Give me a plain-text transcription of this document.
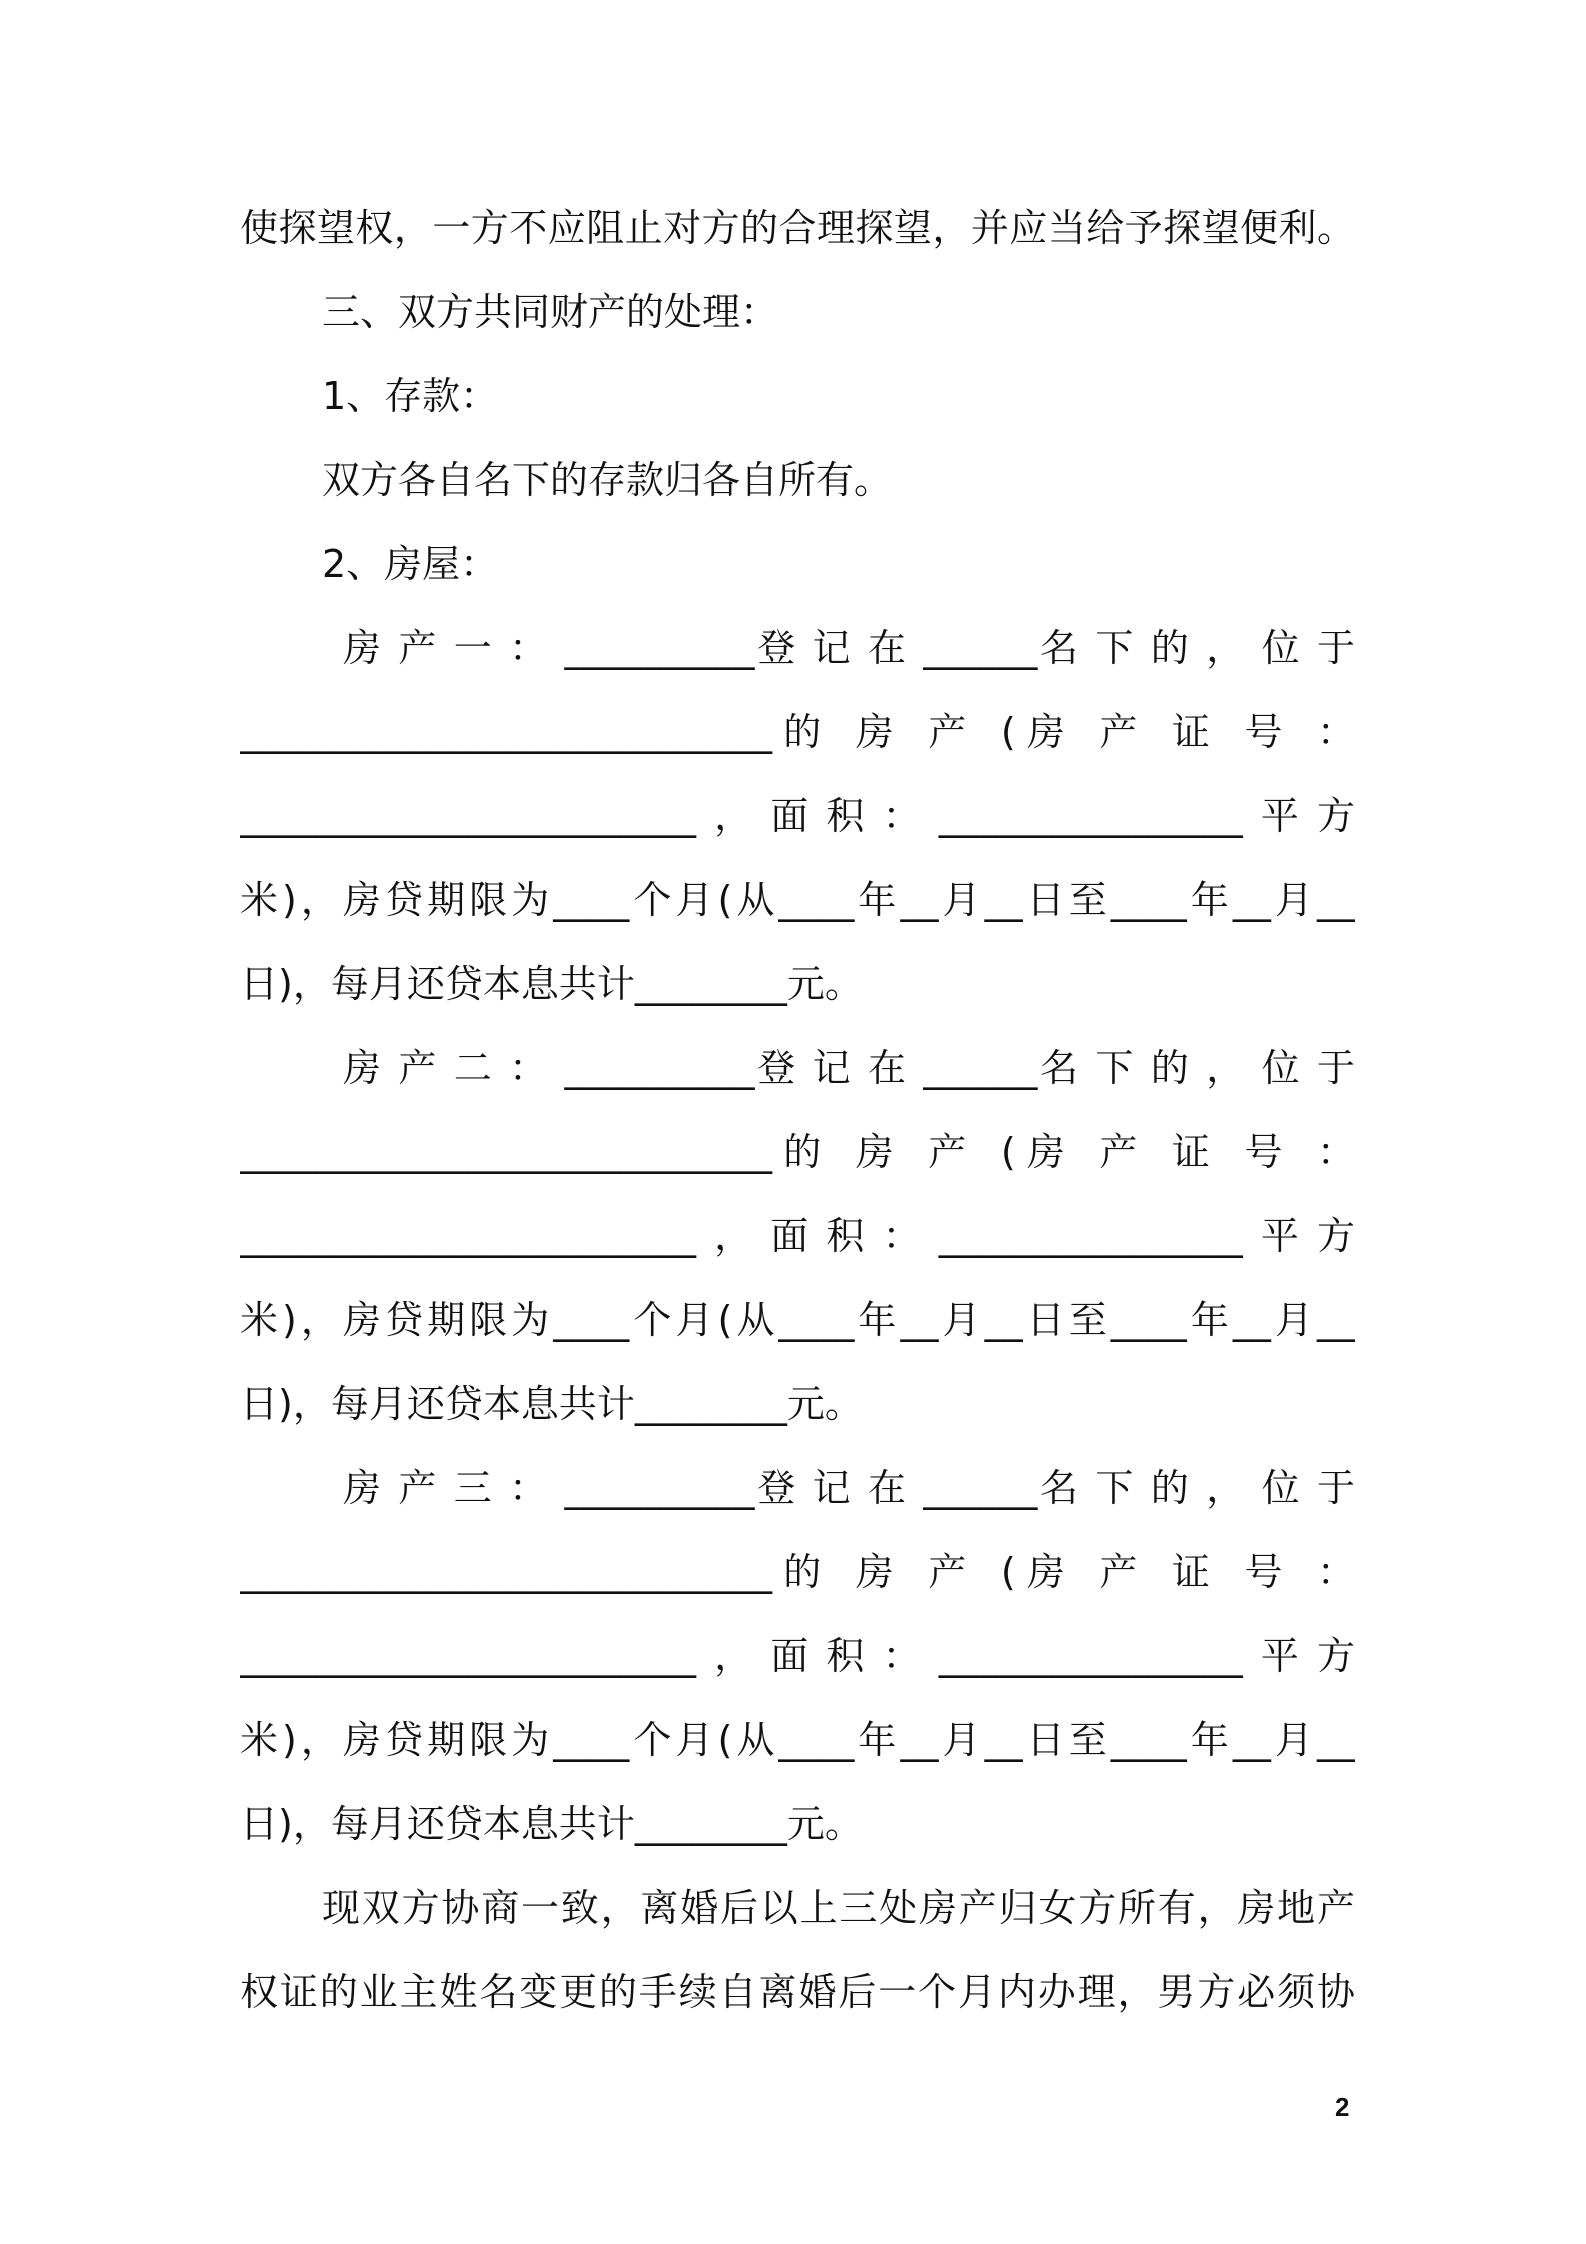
使探望权，一方不应阻止对方的合理探望，并应当给予探望便利。
三、双方共同财产的处理：
1、存款：
双方各自名下的存款归各自所有。
2、房屋：
房 产 一 ： __________登 记 在 ______名 下 的 ， 位 于
____________________________的 房 产 (房 产 证 号 ：
________________________，面积：________________平方
米)，房贷期限为____个月(从____年__月__日至____年__月__
日)，每月还贷本息共计________元。
房 产 二 ： __________登 记 在 ______名 下 的 ， 位 于
____________________________的 房 产 (房 产 证 号 ：
________________________，面积：________________平方
米)，房贷期限为____个月(从____年__月__日至____年__月__
日)，每月还贷本息共计________元。
房 产 三 ： __________登 记 在 ______名 下 的 ， 位 于
____________________________的 房 产 (房 产 证 号 ：
________________________，面积：________________平方
米)，房贷期限为____个月(从____年__月__日至____年__月__
日)，每月还贷本息共计________元。
现双方协商一致，离婚后以上三处房产归女方所有，房地产
权证的业主姓名变更的手续自离婚后一个月内办理，男方必须协
2
